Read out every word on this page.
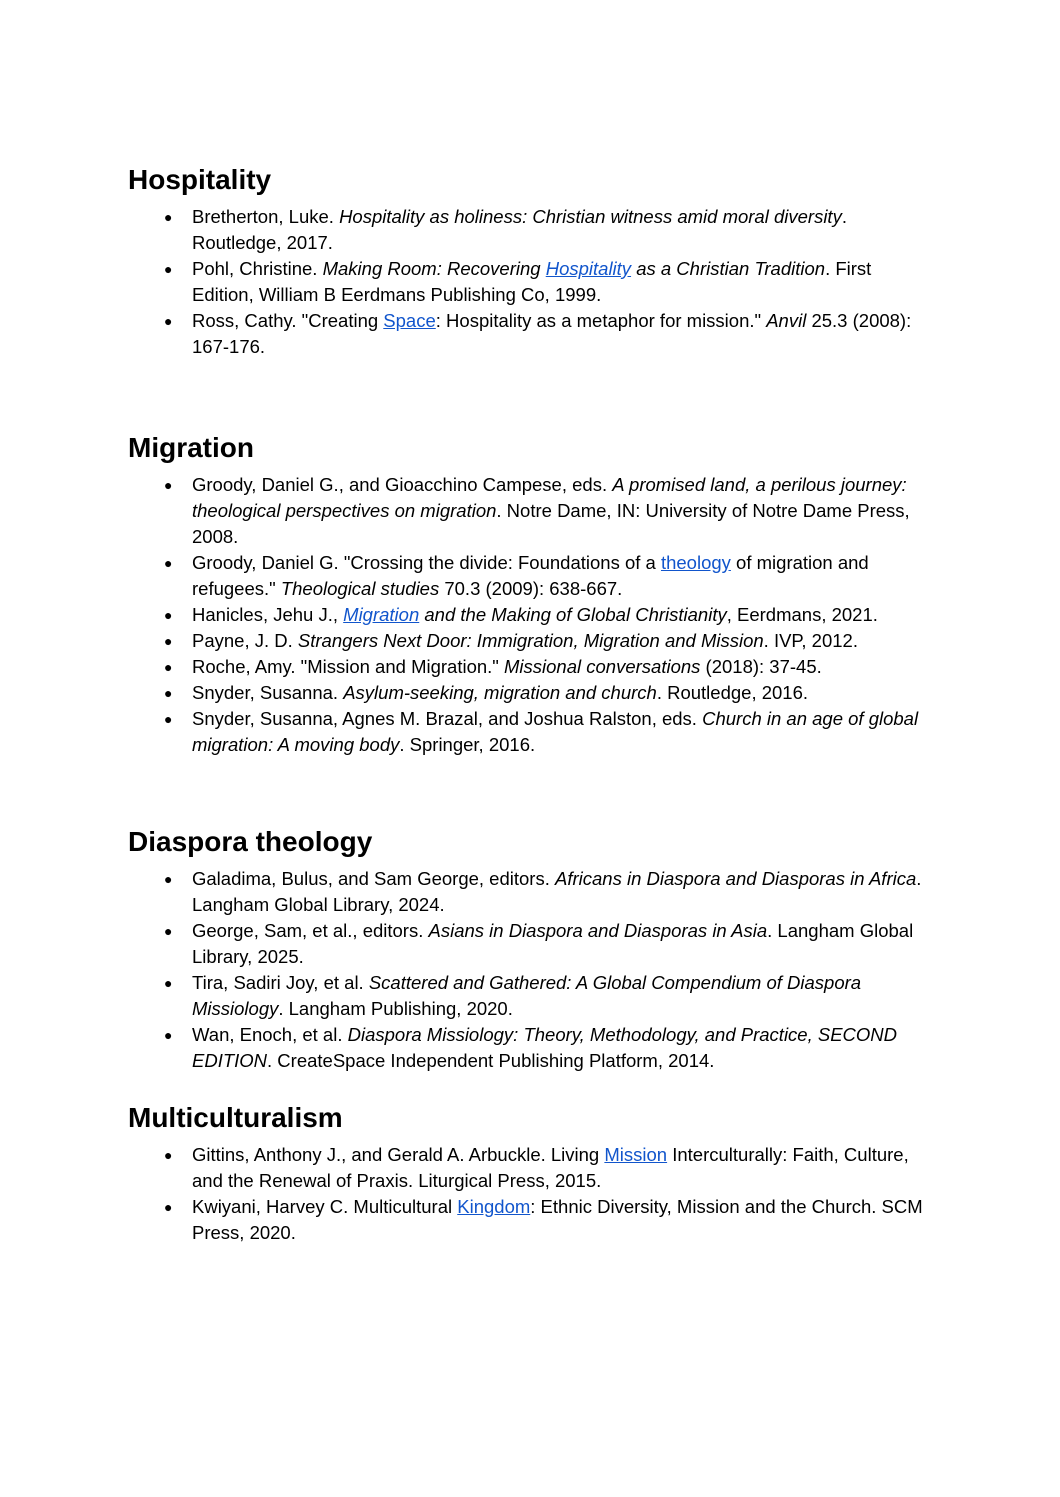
Hospitality
● Bretherton, Luke. Hospitality as holiness: Christian witness amid moral diversity. Routledge, 2017.
● Pohl, Christine. Making Room: Recovering Hospitality as a Christian Tradition. First Edition, William B Eerdmans Publishing Co, 1999.
● Ross, Cathy. "Creating Space: Hospitality as a metaphor for mission." Anvil 25.3 (2008): 167-176.
Migration
● Groody, Daniel G., and Gioacchino Campese, eds. A promised land, a perilous journey: theological perspectives on migration. Notre Dame, IN: University of Notre Dame Press, 2008.
● Groody, Daniel G. "Crossing the divide: Foundations of a theology of migration and refugees." Theological studies 70.3 (2009): 638-667.
● Hanicles, Jehu J., Migration and the Making of Global Christianity, Eerdmans, 2021.
● Payne, J. D. Strangers Next Door: Immigration, Migration and Mission. IVP, 2012.
● Roche, Amy. "Mission and Migration." Missional conversations (2018): 37-45.
● Snyder, Susanna. Asylum-seeking, migration and church. Routledge, 2016.
● Snyder, Susanna, Agnes M. Brazal, and Joshua Ralston, eds. Church in an age of global migration: A moving body. Springer, 2016.
Diaspora theology
● Galadima, Bulus, and Sam George, editors. Africans in Diaspora and Diasporas in Africa. Langham Global Library, 2024.
● George, Sam, et al., editors. Asians in Diaspora and Diasporas in Asia. Langham Global Library, 2025.
● Tira, Sadiri Joy, et al. Scattered and Gathered: A Global Compendium of Diaspora Missiology. Langham Publishing, 2020.
● Wan, Enoch, et al. Diaspora Missiology: Theory, Methodology, and Practice, SECOND EDITION. CreateSpace Independent Publishing Platform, 2014.
Multiculturalism
● Gittins, Anthony J., and Gerald A. Arbuckle. Living Mission Interculturally: Faith, Culture, and the Renewal of Praxis. Liturgical Press, 2015.
● Kwiyani, Harvey C. Multicultural Kingdom: Ethnic Diversity, Mission and the Church. SCM Press, 2020.
